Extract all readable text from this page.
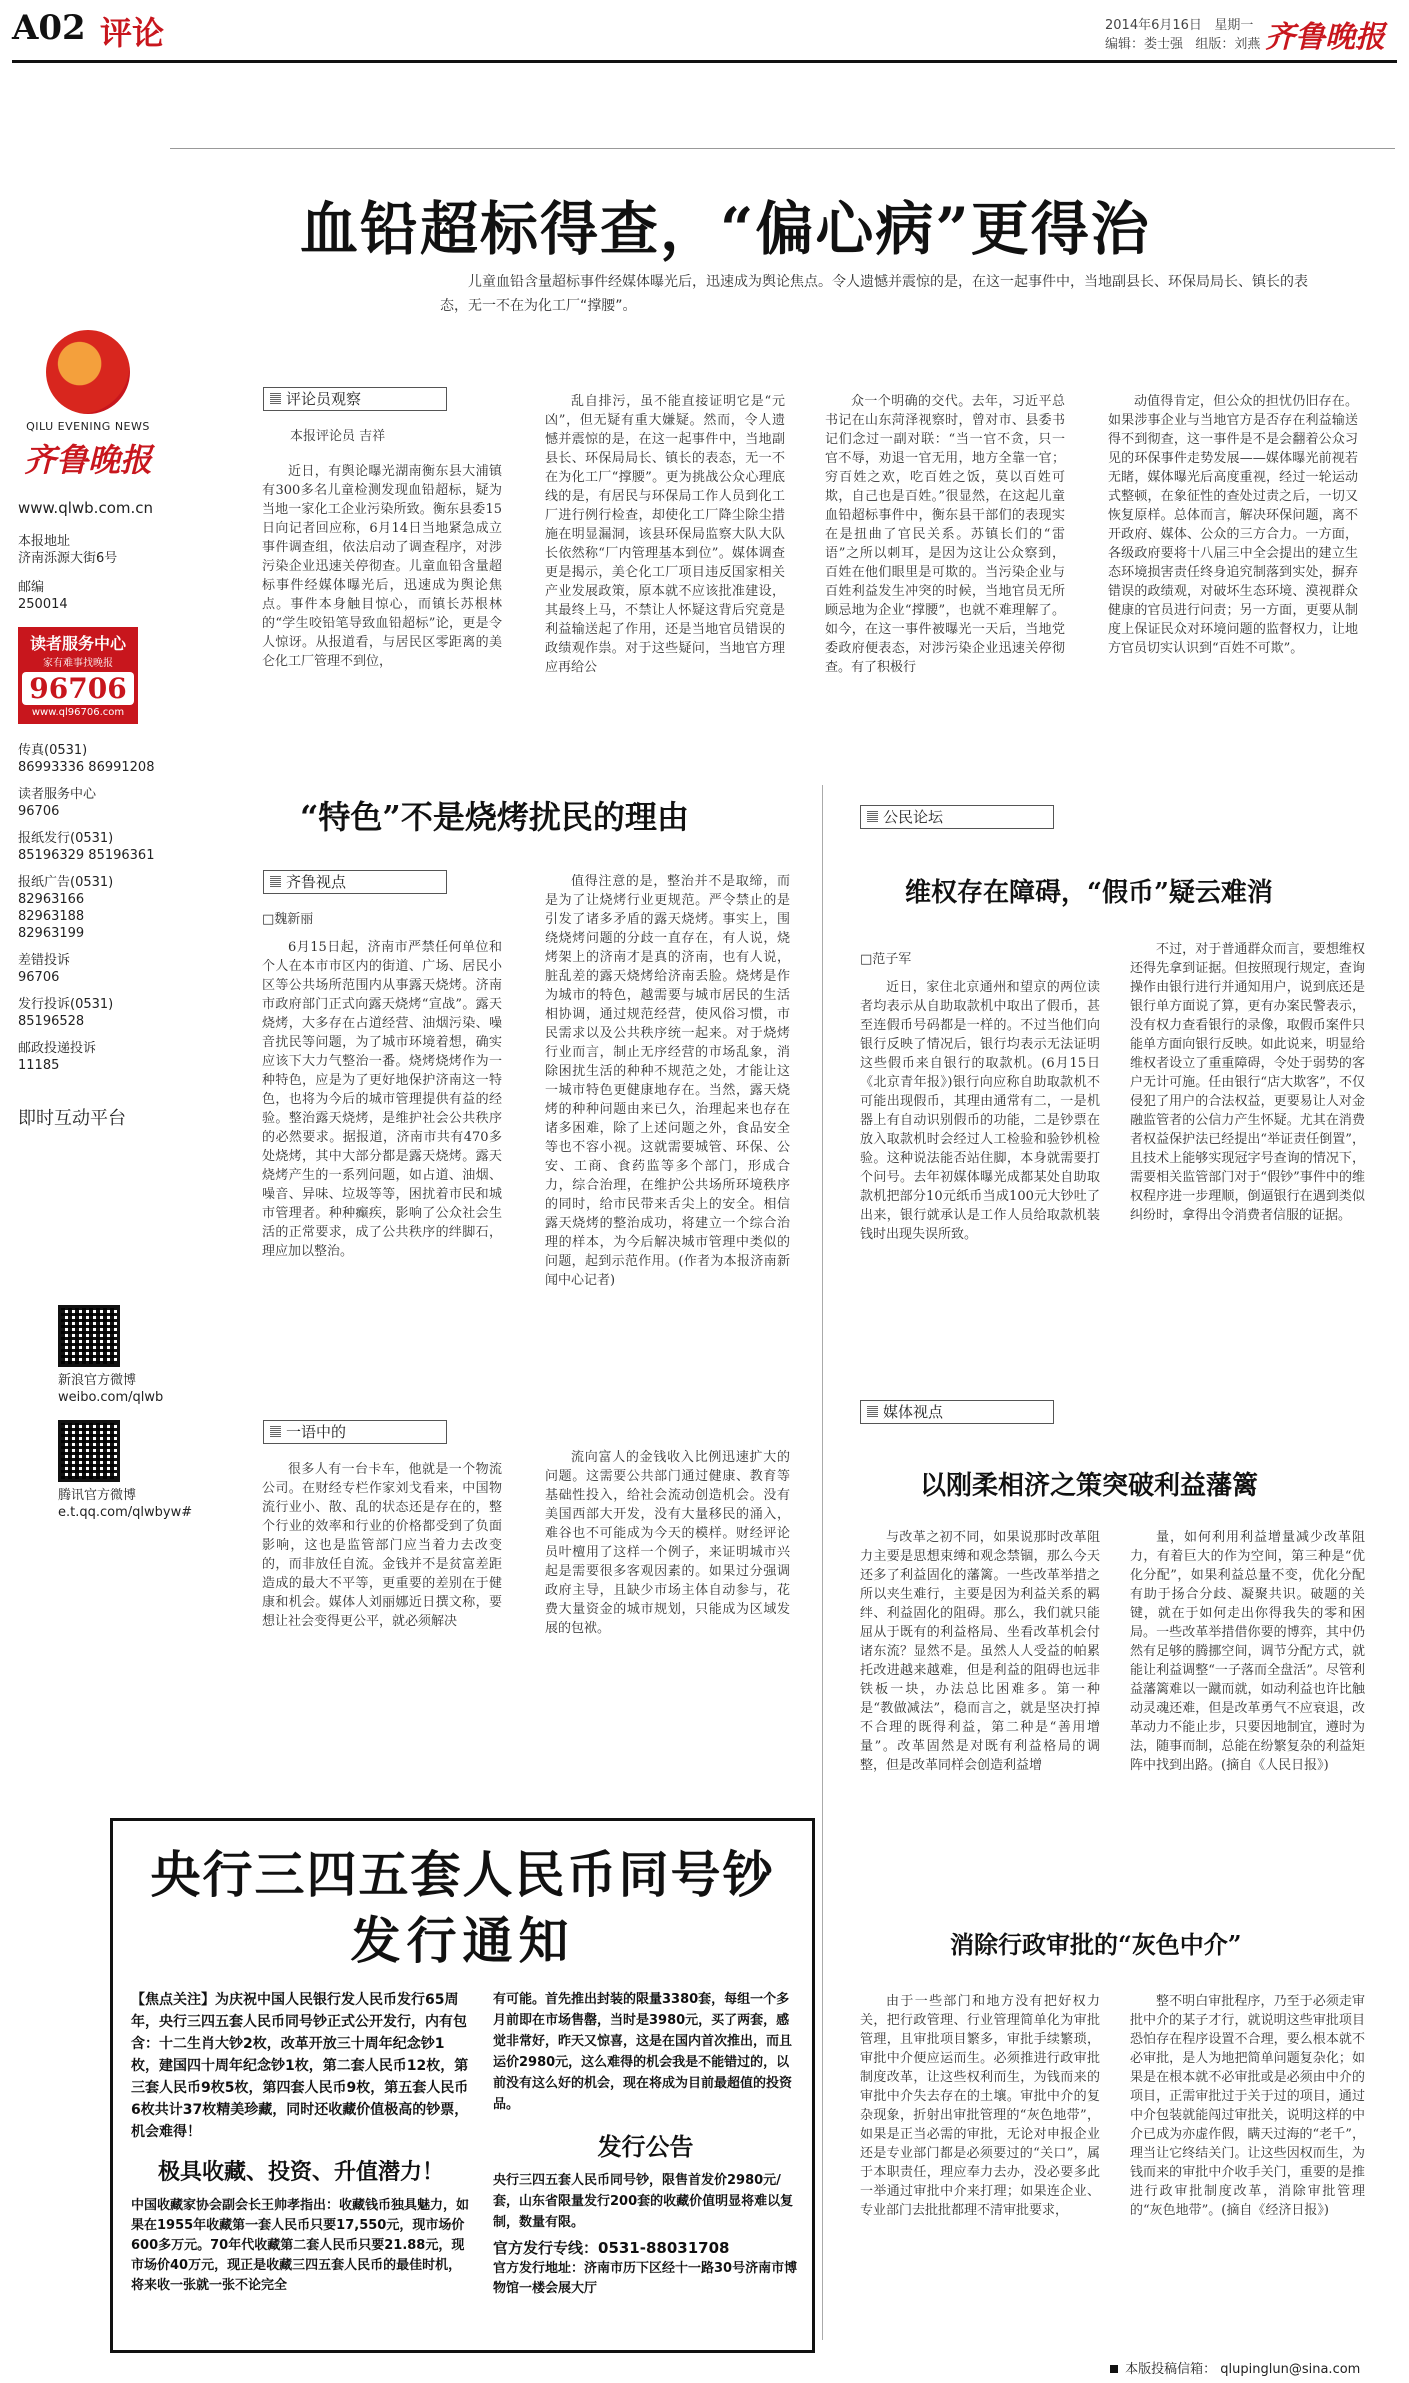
A02 评论	2014年6月16日 星期一
编辑：娄士强 组版：刘燕 齐鲁晚报
QILU EVENING NEWS
齐鲁晚报
www.qlwb.com.cn
本报地址
济南泺源大街6号
邮编
250014
读者服务中心
家有难事找晚报
96706
www.ql96706.com
传真(0531)
86993336 86991208
读者服务中心
96706
报纸发行(0531)
85196329 85196361
报纸广告(0531)
82963166 82963188 82963199
差错投诉
96706
发行投诉(0531)
85196528
邮政投递投诉
11185
即时互动平台
新浪官方微博
weibo.com/qlwb
腾讯官方微博
e.t.qq.com/qlwbyw#
血铅超标得查，“偏心病”更得治
儿童血铅含量超标事件经媒体曝光后，迅速成为舆论焦点。令人遗憾并震惊的是，在这一起事件中，当地副县长、环保局局长、镇长的表态，无一不在为化工厂“撑腰”。
评论员观察
本报评论员 吉祥

近日，有舆论曝光湖南衡东县大浦镇有300多名儿童检测发现血铅超标，疑为当地一家化工企业污染所致。衡东县委15日向记者回应称，6月14日当地紧急成立事件调查组，依法启动了调查程序，对涉污染企业迅速关停彻查。儿童血铅含量超标事件经媒体曝光后，迅速成为舆论焦点。事件本身触目惊心，而镇长苏根林的“学生咬铅笔导致血铅超标”论，更是令人惊讶。从报道看，与居民区零距离的美仑化工厂管理不到位，

乱自排污，虽不能直接证明它是“元凶”，但无疑有重大嫌疑。然而，令人遗憾并震惊的是，在这一起事件中，当地副县长、环保局局长、镇长的表态，无一不在为化工厂“撑腰”。更为挑战公众心理底线的是，有居民与环保局工作人员到化工厂进行例行检查，却使化工厂降尘除尘措施在明显漏洞，该县环保局监察大队大队长依然称“厂内管理基本到位”。媒体调查更是揭示，美仑化工厂项目违反国家相关产业发展政策，原本就不应该批准建设，其最终上马，不禁让人怀疑这背后究竟是利益输送起了作用，还是当地官员错误的政绩观作祟。对于这些疑问，当地官方理应再给公

众一个明确的交代。去年，习近平总书记在山东菏泽视察时，曾对市、县委书记们念过一副对联：“当一官不贪，只一官不辱，劝退一官无用，地方全靠一官；穷百姓之欢，吃百姓之饭，莫以百姓可欺，自己也是百姓。”很显然，在这起儿童血铅超标事件中，衡东县干部们的表现实在是扭曲了官民关系。苏镇长们的“雷语”之所以刺耳，是因为这让公众察到，百姓在他们眼里是可欺的。当污染企业与百姓利益发生冲突的时候，当地官员无所顾忌地为企业“撑腰”，也就不难理解了。如今，在这一事件被曝光一天后，当地党委政府便表态，对涉污染企业迅速关停彻查。有了积极行

动值得肯定，但公众的担忧仍旧存在。如果涉事企业与当地官方是否存在利益输送得不到彻查，这一事件是不是会翻着公众习见的环保事件走势发展——媒体曝光前视若无睹，媒体曝光后高度重视，经过一轮运动式整顿，在象征性的查处过责之后，一切又恢复原样。总体而言，解决环保问题，离不开政府、媒体、公众的三方合力。一方面，各级政府要将十八届三中全会提出的建立生态环境损害责任终身追究制落到实处，摒弃错误的政绩观，对破坏生态环境、漠视群众健康的官员进行问责；另一方面，更要从制度上保证民众对环境问题的监督权力，让地方官员切实认识到“百姓不可欺”。

“特色”不是烧烤扰民的理由
齐鲁视点
□魏新丽

6月15日起，济南市严禁任何单位和个人在本市市区内的街道、广场、居民小区等公共场所范围内从事露天烧烤。济南市政府部门正式向露天烧烤“宣战”。露天烧烤，大多存在占道经营、油烟污染、噪音扰民等问题，为了城市环境着想，确实应该下大力气整治一番。烧烤烧烤作为一种特色，应是为了更好地保护济南这一特色，也将为今后的城市管理提供有益的经验。整治露天烧烤，是维护社会公共秩序的必然要求。据报道，济南市共有470多处烧烤，其中大部分都是露天烧烤。露天烧烤产生的一系列问题，如占道、油烟、噪音、异味、垃圾等等，困扰着市民和城市管理者。种种癫疾，影响了公众社会生活的正常要求，成了公共秩序的绊脚石，理应加以整治。

值得注意的是，整治并不是取缔，而是为了让烧烤行业更规范。严令禁止的是引发了诸多矛盾的露天烧烤。事实上，围绕烧烤问题的分歧一直存在，有人说，烧烤架上的济南才是真的济南，也有人说，脏乱差的露天烧烤给济南丢脸。烧烤是作为城市的特色，越需要与城市居民的生活相协调，通过规范经营，使风俗习惯，市民需求以及公共秩序统一起来。对于烧烤行业而言，制止无序经营的市场乱象，消除困扰生活的种种不规范之处，才能让这一城市特色更健康地存在。当然，露天烧烤的种种问题由来已久，治理起来也存在诸多困难，除了上述问题之外，食品安全等也不容小视。这就需要城管、环保、公安、工商、食药监等多个部门，形成合力，综合治理，在维护公共场所环境秩序的同时，给市民带来舌尖上的安全。相信露天烧烤的整治成功，将建立一个综合治理的样本，为今后解决城市管理中类似的问题，起到示范作用。(作者为本报济南新闻中心记者)

一语中的

很多人有一台卡车，他就是一个物流公司。在财经专栏作家刘戈看来，中国物流行业小、散、乱的状态还是存在的，整个行业的效率和行业的价格都受到了负面影响，这也是监管部门应当着力去改变的，而非放任自流。金钱并不是贫富差距造成的最大不平等，更重要的差别在于健康和机会。媒体人刘丽娜近日撰文称，要想让社会变得更公平，就必须解决

流向富人的金钱收入比例迅速扩大的问题。这需要公共部门通过健康、教育等基础性投入，给社会流动创造机会。没有美国西部大开发，没有大量移民的涌入，难谷也不可能成为今天的模样。财经评论员叶檀用了这样一个例子，来证明城市兴起是需要很多客观因素的。如果过分强调政府主导，且缺少市场主体自动参与，花费大量资金的城市规划，只能成为区域发展的包袱。

公民论坛
维权存在障碍，“假币”疑云难消
□范子军

近日，家住北京通州和望京的两位读者均表示从自助取款机中取出了假币，甚至连假币号码都是一样的。不过当他们向银行反映了情况后，银行均表示无法证明这些假币来自银行的取款机。(6月15日《北京青年报》)银行向应称自助取款机不可能出现假币，其理由通常有二，一是机器上有自动识别假币的功能，二是钞票在放入取款机时会经过人工检验和验钞机检验。这种说法能否站住脚，本身就需要打个问号。去年初媒体曝光成都某处自助取款机把部分10元纸币当成100元大钞吐了出来，银行就承认是工作人员给取款机装钱时出现失误所致。

不过，对于普通群众而言，要想维权还得先拿到证据。但按照现行规定，查询操作由银行进行并通知用户，说到底还是银行单方面说了算，更有办案民警表示，没有权力查看银行的录像，取假币案件只能单方面向银行反映。如此说来，明显给维权者设立了重重障碍，令处于弱势的客户无计可施。任由银行“店大欺客”，不仅侵犯了用户的合法权益，更要易让人对金融监管者的公信力产生怀疑。尤其在消费者权益保护法已经提出“举证责任倒置”，且技术上能够实现冠字号查询的情况下，需要相关监管部门对于“假钞”事件中的维权程序进一步理顺，倒逼银行在遇到类似纠纷时，拿得出令消费者信服的证据。

媒体视点
以刚柔相济之策突破利益藩篱

与改革之初不同，如果说那时改革阻力主要是思想束缚和观念禁锢，那么今天还多了利益固化的藩篱。一些改革举措之所以夹生难行，主要是因为利益关系的羁绊、利益固化的阻碍。那么，我们就只能屈从于既有的利益格局、坐看改革机会付诸东流？显然不是。虽然人人受益的帕累托改进越来越难，但是利益的阻碍也远非铁板一块，办法总比困难多。第一种是“教做减法”，稳而言之，就是坚决打掉不合理的既得利益，第二种是“善用增量”。改革固然是对既有利益格局的调整，但是改革同样会创造利益增

量，如何利用利益增量减少改革阻力，有着巨大的作为空间，第三种是“优化分配”，如果利益总量不变，优化分配有助于扬合分歧、凝聚共识。破题的关键，就在于如何走出你得我失的零和困局。一些改革举措借你要的博弈，其中仍然有足够的腾挪空间，调节分配方式，就能让利益调整“一子落而全盘活”。尽管利益藩篱难以一蹴而就，如动利益也许比触动灵魂还难，但是改革勇气不应衰退，改革动力不能止步，只要因地制宜，遵时为法，随事而制，总能在纷繁复杂的利益矩阵中找到出路。(摘自《人民日报》)

消除行政审批的“灰色中介”

由于一些部门和地方没有把好权力关，把行政管理、行业管理简单化为审批管理，且审批项目繁多，审批手续繁琐，审批中介便应运而生。必须推进行政审批制度改革，让这些权利而生，为钱而来的审批中介失去存在的土壤。审批中介的复杂现象，折射出审批管理的“灰色地带”，如果是正当必需的审批，无论对申报企业还是专业部门都是必须要过的“关口”，属于本职责任，理应奉力去办，没必要多此一举通过审批中介来打理；如果连企业、专业部门去批批都理不清审批要求，

整不明白审批程序，乃至于必须走审批中介的某子才行，就说明这些审批项目恐怕存在程序设置不合理，要么根本就不必审批，是人为地把简单问题复杂化；如果是在根本就不必审批或是必须由中介的项目，正需审批过于关于过的项目，通过中介包装就能闯过审批关，说明这样的中介已成为亦虚作假，瞒天过海的“老千”，理当让它终结关门。让这些因权而生，为钱而来的审批中介收手关门，重要的是推进行政审批制度改革，消除审批管理的“灰色地带”。(摘自《经济日报》)

央行三四五套人民币同号钞
发行通知
【焦点关注】为庆祝中国人民银行发人民币发行65周年，央行三四五套人民币同号钞正式公开发行，内有包含：十二生肖大钞2枚，改革开放三十周年纪念钞1枚，建国四十周年纪念钞1枚，第二套人民币12枚，第三套人民币9枚5枚，第四套人民币9枚，第五套人民币6枚共计37枚精美珍藏，同时还收藏价值极高的钞票，机会难得！
极具收藏、投资、升值潜力！
中国收藏家协会副会长王帅孝指出：收藏钱币独具魅力，如果在1955年收藏第一套人民币只要17,550元，现市场价600多万元。70年代收藏第二套人民币只要21.88元，现市场价40万元，现正是收藏三四五套人民币的最佳时机，将来收一张就一张不论完全
有可能。首先推出封装的限量3380套，每组一个多月前即在市场售罄，当时是3980元，买了两套，感觉非常好，昨天又惊喜，这是在国内首次推出，而且运价2980元，这么难得的机会我是不能错过的，以前没有这么好的机会，现在将成为目前最超值的投资品。
发行公告
央行三四五套人民币同号钞，限售首发价2980元/套，山东省限量发行200套的收藏价值明显将难以复制，数量有限。
官方发行专线：0531-88031708
官方发行地址：济南市历下区经十一路30号济南市博物馆一楼会展大厅
本版投稿信箱： qlupinglun@sina.com
